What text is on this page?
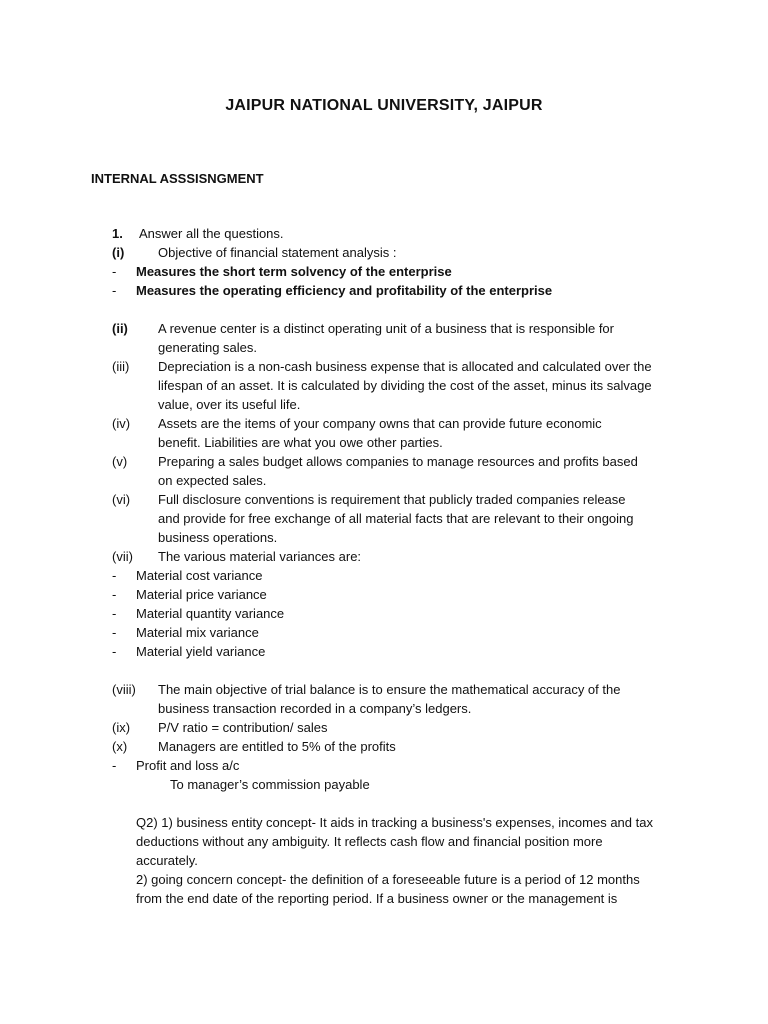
JAIPUR NATIONAL UNIVERSITY, JAIPUR
INTERNAL ASSSISNGMENT
1. Answer all the questions.
(i)	Objective of financial statement analysis :
- Measures the short term solvency of the enterprise
- Measures the operating efficiency and profitability of the enterprise
(ii) A revenue center is a distinct operating unit of a business that is responsible for
generating sales.
(iii) Depreciation is a non-cash business expense that is allocated and calculated over the
lifespan of an asset. It is calculated by dividing the cost of the asset, minus its salvage
value, over its useful life.
(iv) Assets are the items of your company owns that can provide future economic
benefit. Liabilities are what you owe other parties.
(v) Preparing a sales budget allows companies to manage resources and profits based
on expected sales.
(vi) Full disclosure conventions is requirement that publicly traded companies release
and provide for free exchange of all material facts that are relevant to their ongoing
business operations.
(vii) The various material variances are:
- Material cost variance
- Material price variance
- Material quantity variance
- Material mix variance
- Material yield variance
(viii) The main objective of trial balance is to ensure the mathematical accuracy of the
business transaction recorded in a company’s ledgers.
(ix) P/V ratio = contribution/ sales
(x) Managers are entitled to 5% of the profits
- Profit and loss a/c
To manager’s commission payable
Q2) 1) business entity concept- It aids in tracking a business's expenses, incomes and tax
deductions without any ambiguity. It reflects cash flow and financial position more
accurately.
2) going concern concept- the definition of a foreseeable future is a period of 12 months
from the end date of the reporting period. If a business owner or the management is
